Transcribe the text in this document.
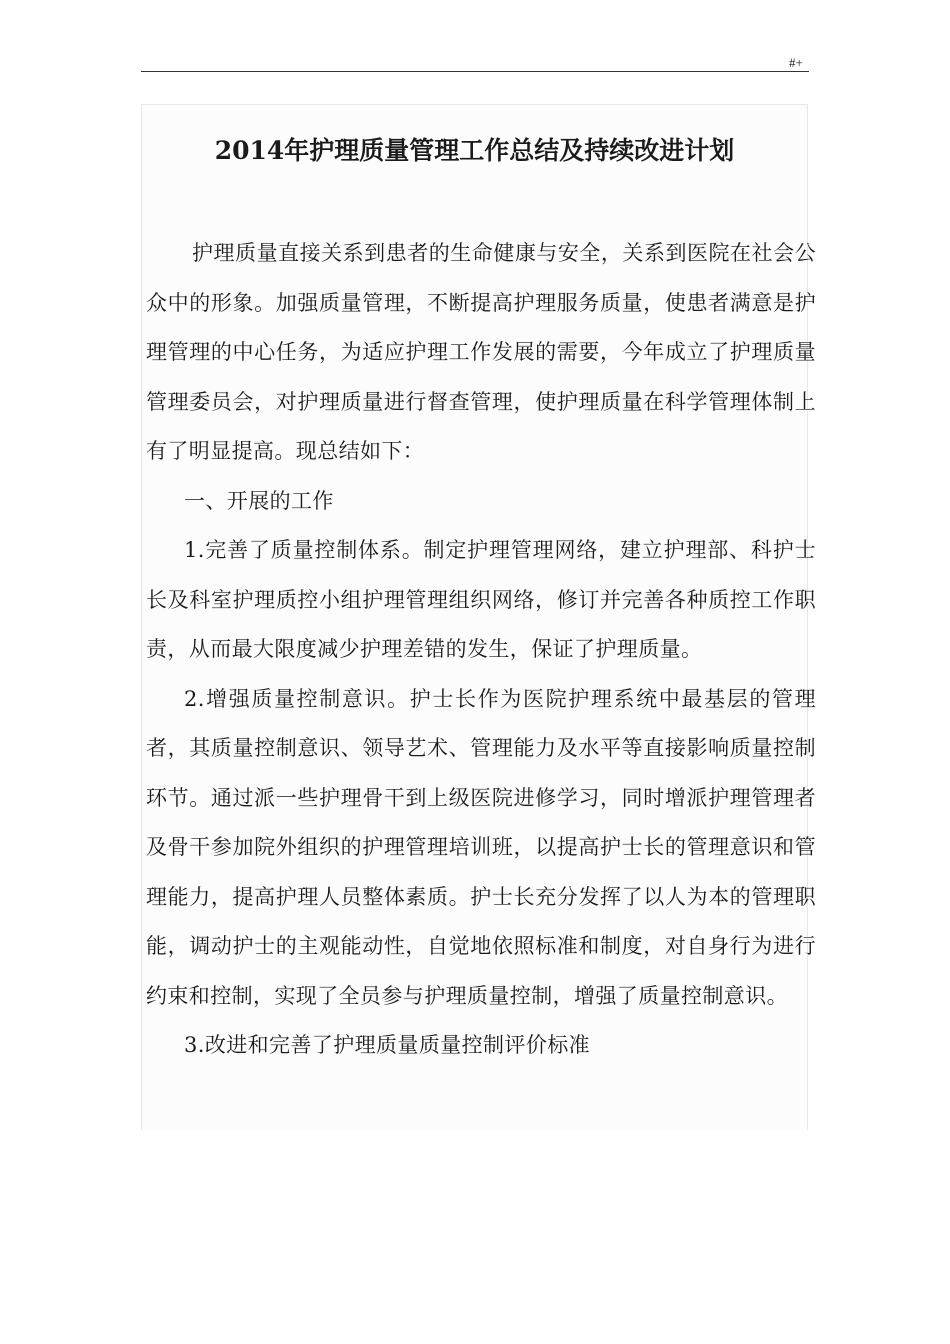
#+
2014年护理质量管理工作总结及持续改进计划

护理质量直接关系到患者的生命健康与安全，关系到医院在社会公众中的形象。加强质量管理，不断提高护理服务质量，使患者满意是护理管理的中心任务，为适应护理工作发展的需要，今年成立了护理质量管理委员会，对护理质量进行督查管理，使护理质量在科学管理体制上有了明显提高。现总结如下：

一、开展的工作

1.完善了质量控制体系。制定护理管理网络，建立护理部、科护士长及科室护理质控小组护理管理组织网络，修订并完善各种质控工作职责，从而最大限度减少护理差错的发生，保证了护理质量。

2.增强质量控制意识。护士长作为医院护理系统中最基层的管理者，其质量控制意识、领导艺术、管理能力及水平等直接影响质量控制环节。通过派一些护理骨干到上级医院进修学习，同时增派护理管理者及骨干参加院外组织的护理管理培训班，以提高护士长的管理意识和管理能力，提高护理人员整体素质。护士长充分发挥了以人为本的管理职能，调动护士的主观能动性，自觉地依照标准和制度，对自身行为进行约束和控制，实现了全员参与护理质量控制，增强了质量控制意识。

3.改进和完善了护理质量质量控制评价标准
